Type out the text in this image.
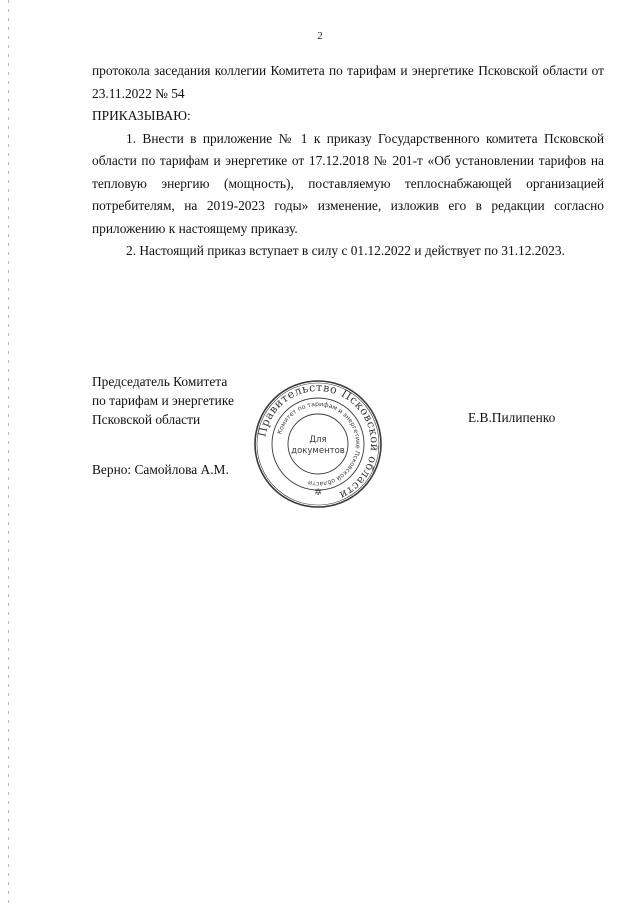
2

протокола заседания коллегии Комитета по тарифам и энергетике Псковской области от 23.11.2022 № 54

ПРИКАЗЫВАЮ:

1. Внести в приложение № 1 к приказу Государственного комитета Псковской области по тарифам и энергетике от 17.12.2018 № 201-т «Об установлении тарифов на тепловую энергию (мощность), поставляемую теплоснабжающей организацией потребителям, на 2019-2023 годы» изменение, изложив его в редакции согласно приложению к настоящему приказу.

2. Настоящий приказ вступает в силу с 01.12.2022 и действует по 31.12.2023.

Председатель Комитета
по тарифам и энергетике
Псковской области	Е.В.Пилипенко
Верно: Самойлова А.М.
Правительство Псковской области
Комитет по тарифам и энергетике Псковской области
Для
документов
✲
